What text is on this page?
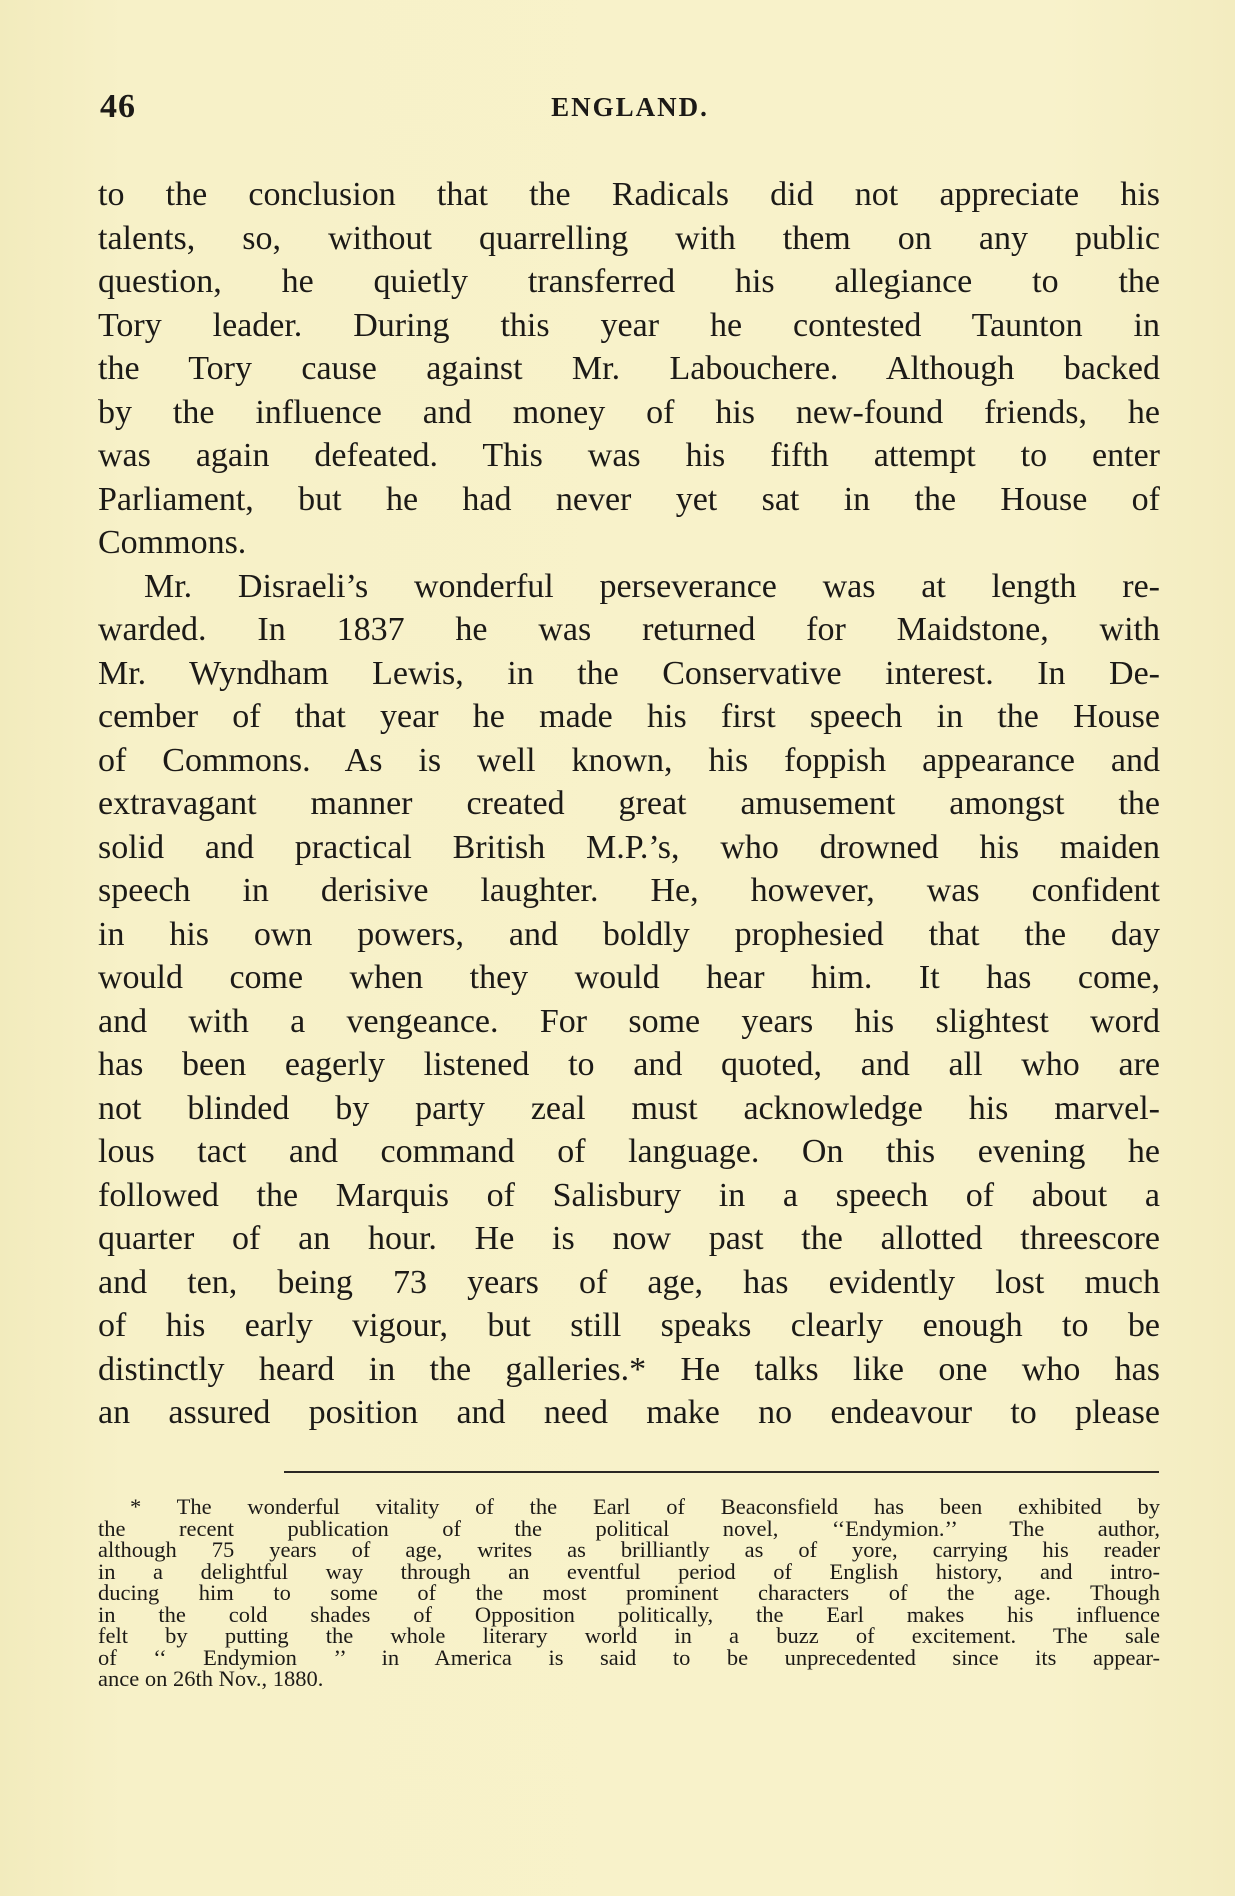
46	ENGLAND.
to the conclusion that the Radicals did not appreciate his
talents, so, without quarrelling with them on any public
question, he quietly transferred his allegiance to the
Tory leader. During this year he contested Taunton in
the Tory cause against Mr. Labouchere. Although backed
by the influence and money of his new-found friends, he
was again defeated. This was his fifth attempt to enter
Parliament, but he had never yet sat in the House of
Commons.
Mr. Disraeli’s wonderful perseverance was at length re-
warded. In 1837 he was returned for Maidstone, with
Mr. Wyndham Lewis, in the Conservative interest. In De-
cember of that year he made his first speech in the House
of Commons. As is well known, his foppish appearance and
extravagant manner created great amusement amongst the
solid and practical British M.P.’s, who drowned his maiden
speech in derisive laughter. He, however, was confident
in his own powers, and boldly prophesied that the day
would come when they would hear him. It has come,
and with a vengeance. For some years his slightest word
has been eagerly listened to and quoted, and all who are
not blinded by party zeal must acknowledge his marvel-
lous tact and command of language. On this evening he
followed the Marquis of Salisbury in a speech of about a
quarter of an hour. He is now past the allotted threescore
and ten, being 73 years of age, has evidently lost much
of his early vigour, but still speaks clearly enough to be
distinctly heard in the galleries.* He talks like one who has
an assured position and need make no endeavour to please
* The wonderful vitality of the Earl of Beaconsfield has been exhibited by
the recent publication of the political novel, ‘‘Endymion.’’ The author,
although 75 years of age, writes as brilliantly as of yore, carrying his reader
in a delightful way through an eventful period of English history, and intro-
ducing him to some of the most prominent characters of the age. Though
in the cold shades of Opposition politically, the Earl makes his influence
felt by putting the whole literary world in a buzz of excitement. The sale
of ‘‘ Endymion ’’ in America is said to be unprecedented since its appear-
ance on 26th Nov., 1880.
